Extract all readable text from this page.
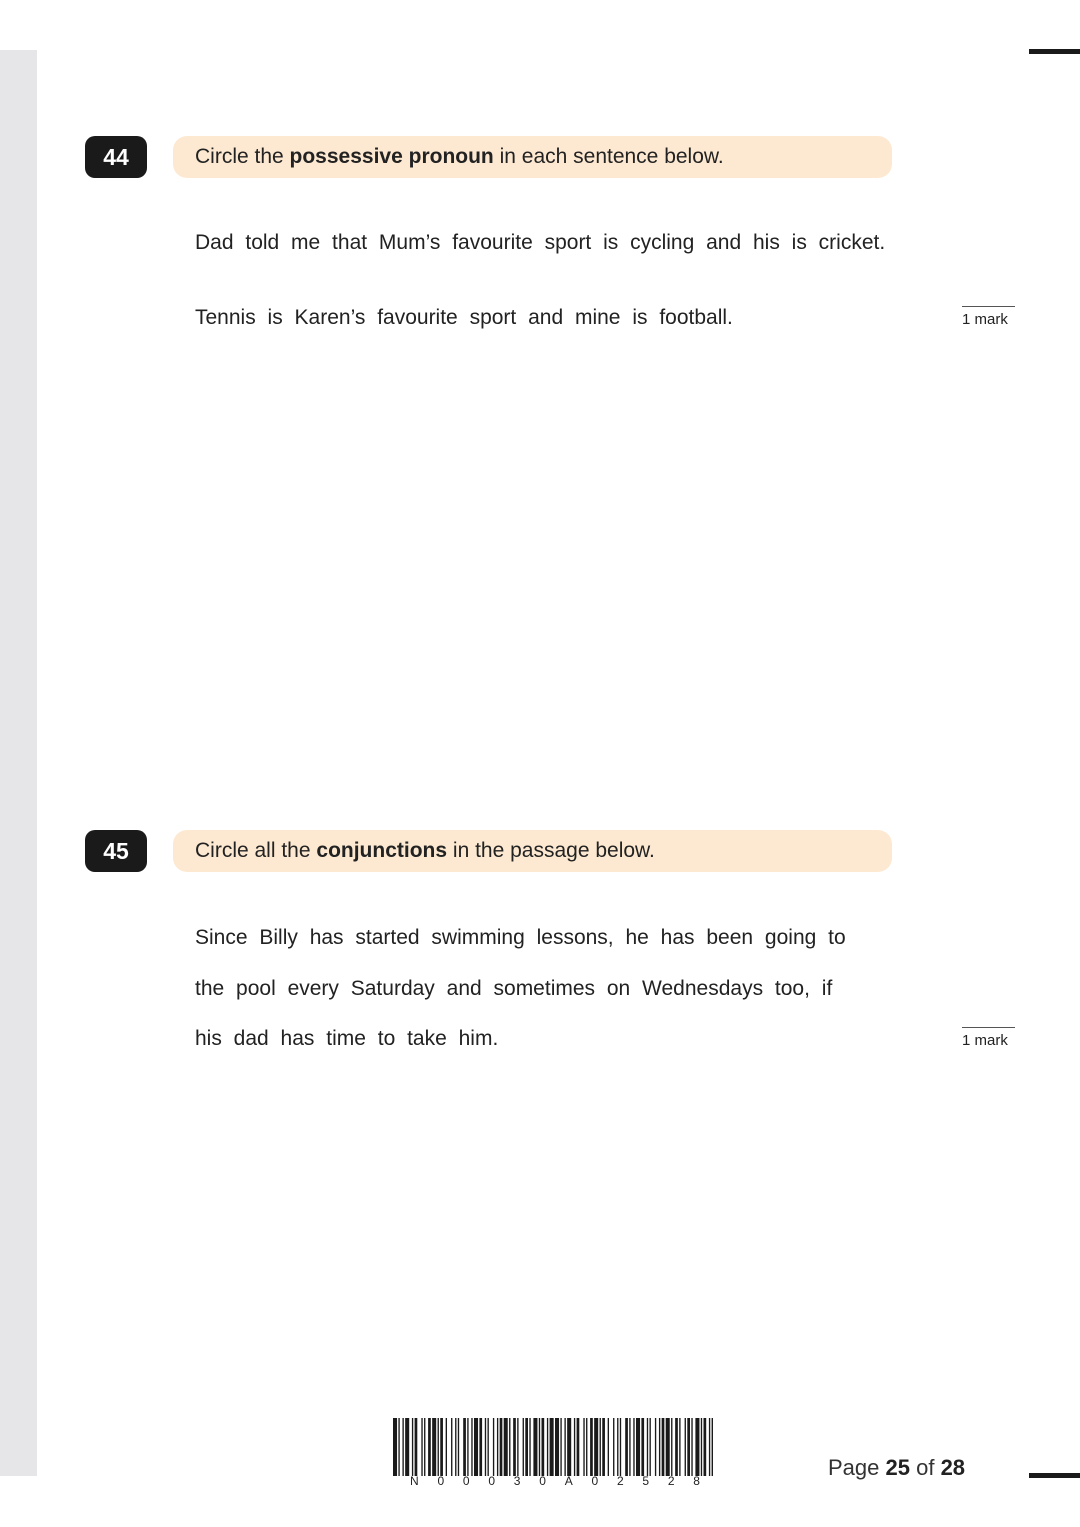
44	Circle the possessive pronoun in each sentence below.
Dad told me that Mum’s favourite sport is cycling and his is cricket.
Tennis is Karen’s favourite sport and mine is football.	1 mark
45	Circle all the conjunctions in the passage below.
Since Billy has started swimming lessons, he has been going to
the pool every Saturday and sometimes on Wednesdays too, if
his dad has time to take him.	1 mark
N 0 0 0 3 0 A 0 2 5 2 8
Page 25 of 28
